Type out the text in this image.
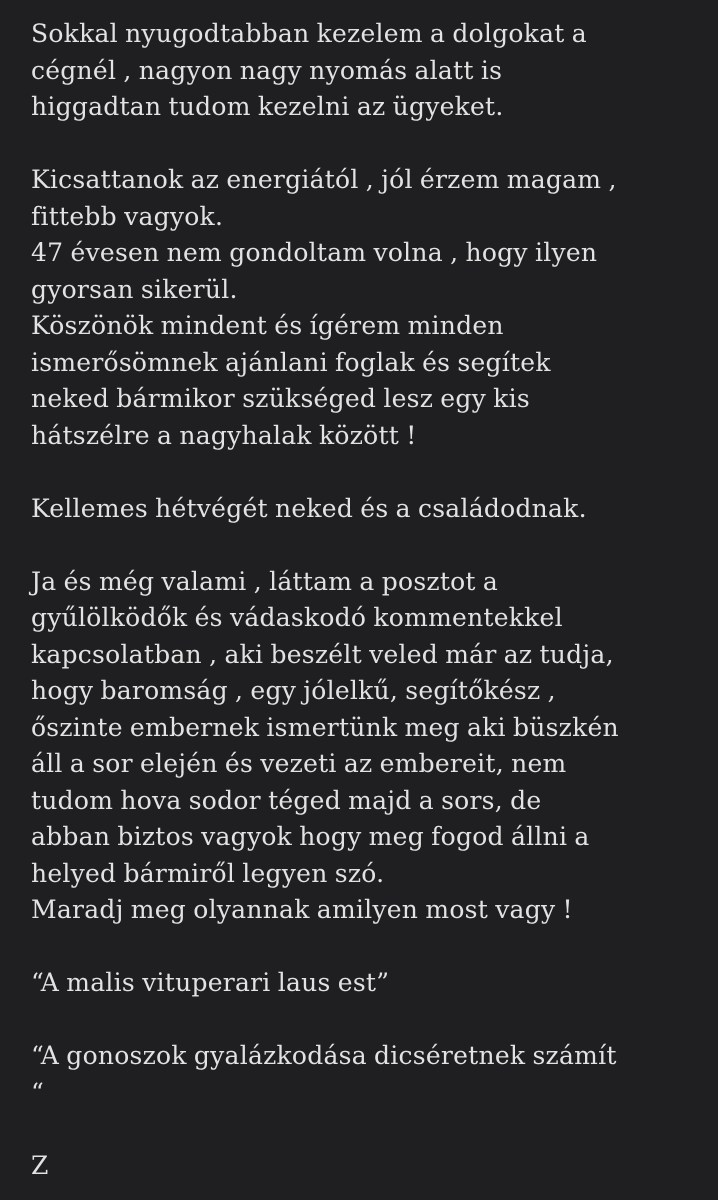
Sokkal nyugodtabban kezelem a dolgokat a
cégnél , nagyon nagy nyomás alatt is
higgadtan tudom kezelni az ügyeket.
Kicsattanok az energiától , jól érzem magam ,
fittebb vagyok.
47 évesen nem gondoltam volna , hogy ilyen
gyorsan sikerül.
Köszönök mindent és ígérem minden
ismerősömnek ajánlani foglak és segítek
neked bármikor szükséged lesz egy kis
hátszélre a nagyhalak között !
Kellemes hétvégét neked és a családodnak.
Ja és még valami , láttam a posztot a
gyűlölködők és vádaskodó kommentekkel
kapcsolatban , aki beszélt veled már az tudja,
hogy baromság , egy jólelkű, segítőkész ,
őszinte embernek ismertünk meg aki büszkén
áll a sor elején és vezeti az embereit, nem
tudom hova sodor téged majd a sors, de
abban biztos vagyok hogy meg fogod állni a
helyed bármiről legyen szó.
Maradj meg olyannak amilyen most vagy !
“A malis vituperari laus est”
“A gonoszok gyalázkodása dicséretnek számít
“
Z
